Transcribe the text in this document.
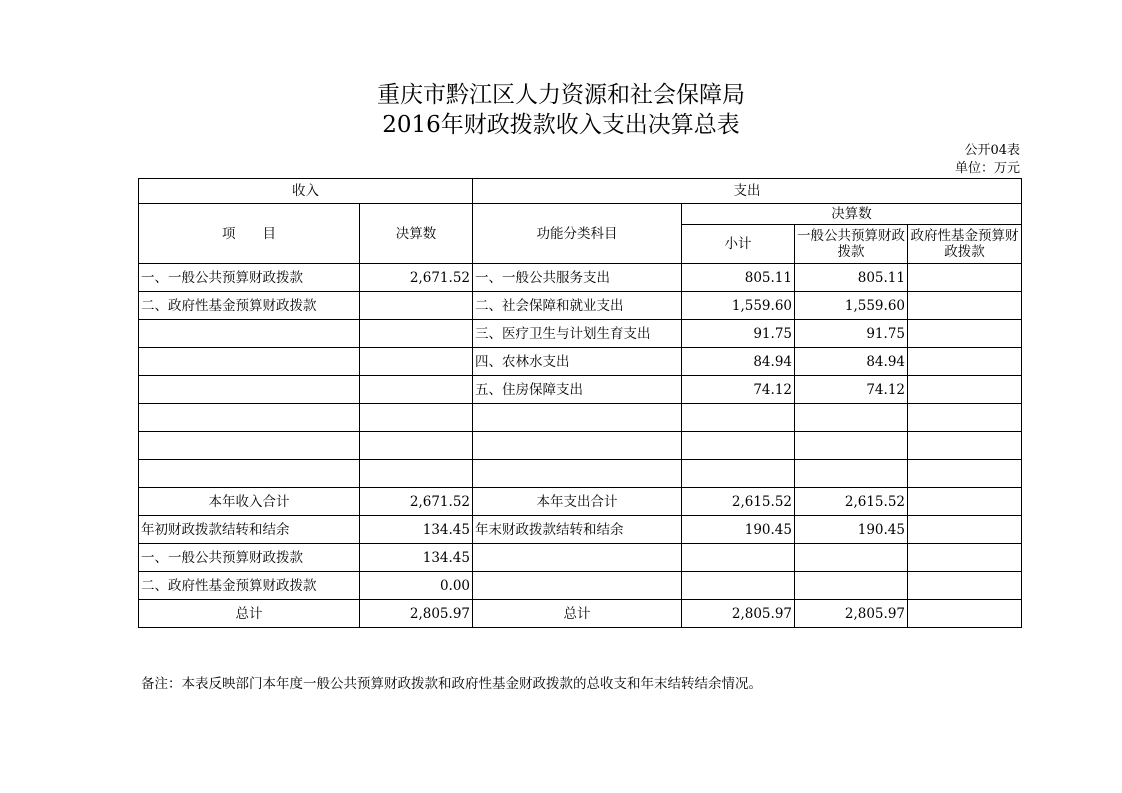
重庆市黔江区人力资源和社会保障局
2016年财政拨款收入支出决算总表
公开04表
单位：万元
收入		支出			
项　　目	决算数	功能分类科目	决算数		
			小计	一般公共预算财政拨款	政府性基金预算财政拨款
一、一般公共预算财政拨款	2,671.52	一、一般公共服务支出	805.11	805.11	
二、政府性基金预算财政拨款		二、社会保障和就业支出	1,559.60	1,559.60	
		三、医疗卫生与计划生育支出	91.75	91.75	
		四、农林水支出	84.94	84.94	
		五、住房保障支出	74.12	74.12	

本年收入合计	2,671.52	本年支出合计	2,615.52	2,615.52	
年初财政拨款结转和结余	134.45	年末财政拨款结转和结余	190.45	190.45	
一、一般公共预算财政拨款	134.45				
二、政府性基金预算财政拨款	0.00				
总计	2,805.97	总计	2,805.97	2,805.97	
备注：本表反映部门本年度一般公共预算财政拨款和政府性基金财政拨款的总收支和年末结转结余情况。
